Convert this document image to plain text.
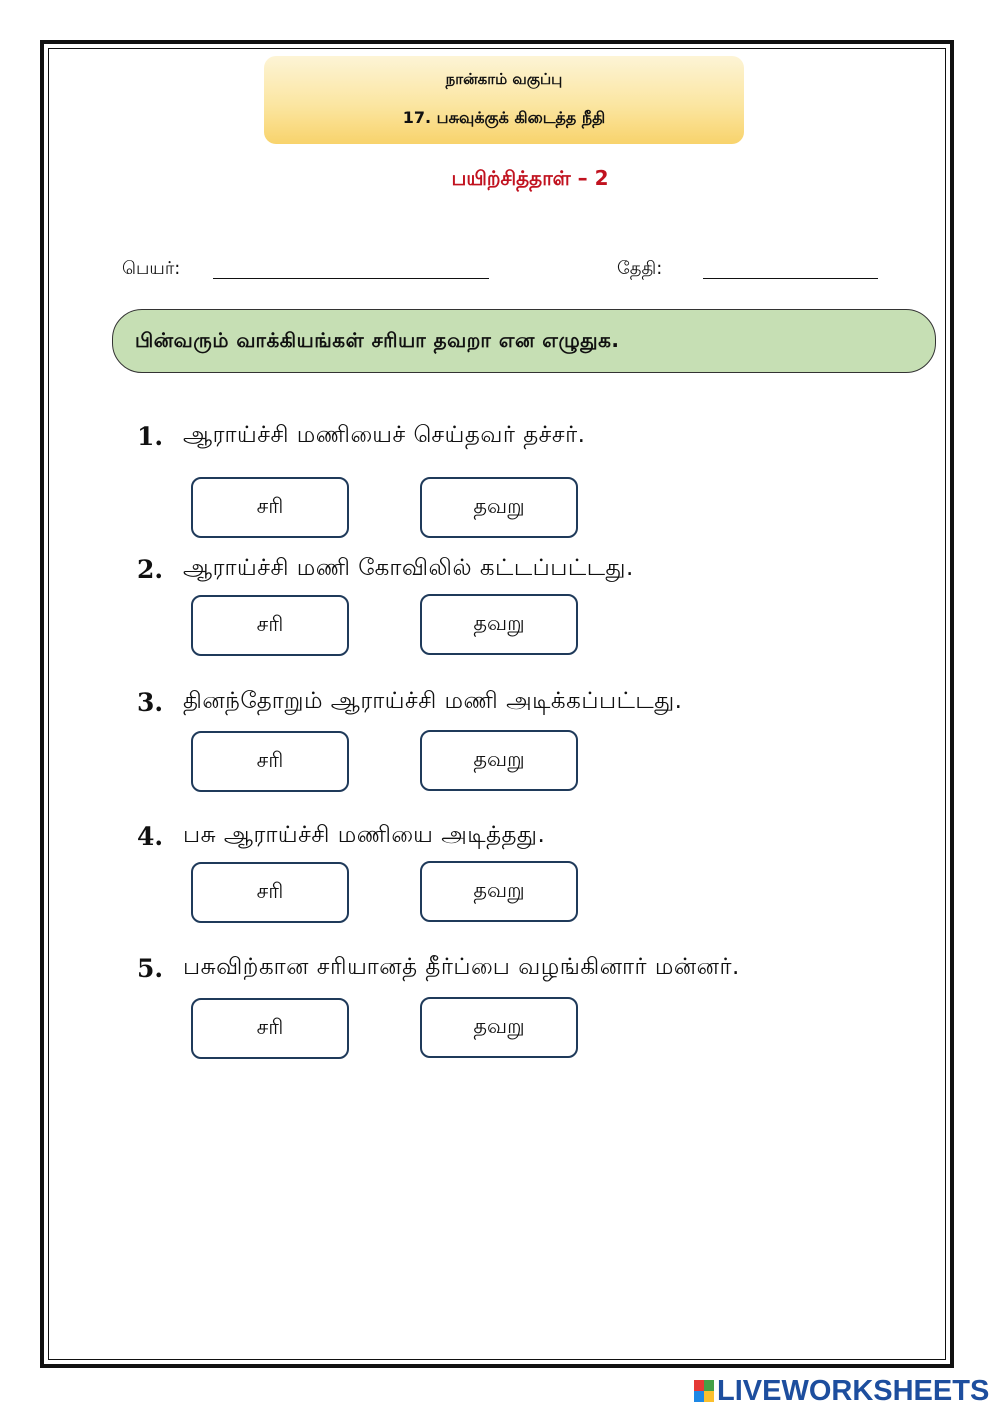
நான்காம் வகுப்பு
17. பசுவுக்குக் கிடைத்த நீதி
பயிற்சித்தாள் – 2
பெயர்:	தேதி:
பின்வரும் வாக்கியங்கள் சரியா தவறா என எழுதுக.
1. ஆராய்ச்சி மணியைச் செய்தவர் தச்சர்.
சரி	தவறு
2. ஆராய்ச்சி மணி கோவிலில் கட்டப்பட்டது.
சரி	தவறு
3. தினந்தோறும் ஆராய்ச்சி மணி அடிக்கப்பட்டது.
சரி	தவறு
4. பசு ஆராய்ச்சி மணியை அடித்தது.
சரி	தவறு
5. பசுவிற்கான சரியானத் தீர்ப்பை வழங்கினார் மன்னர்.
சரி	தவறு
LIVEWORKSHEETS
